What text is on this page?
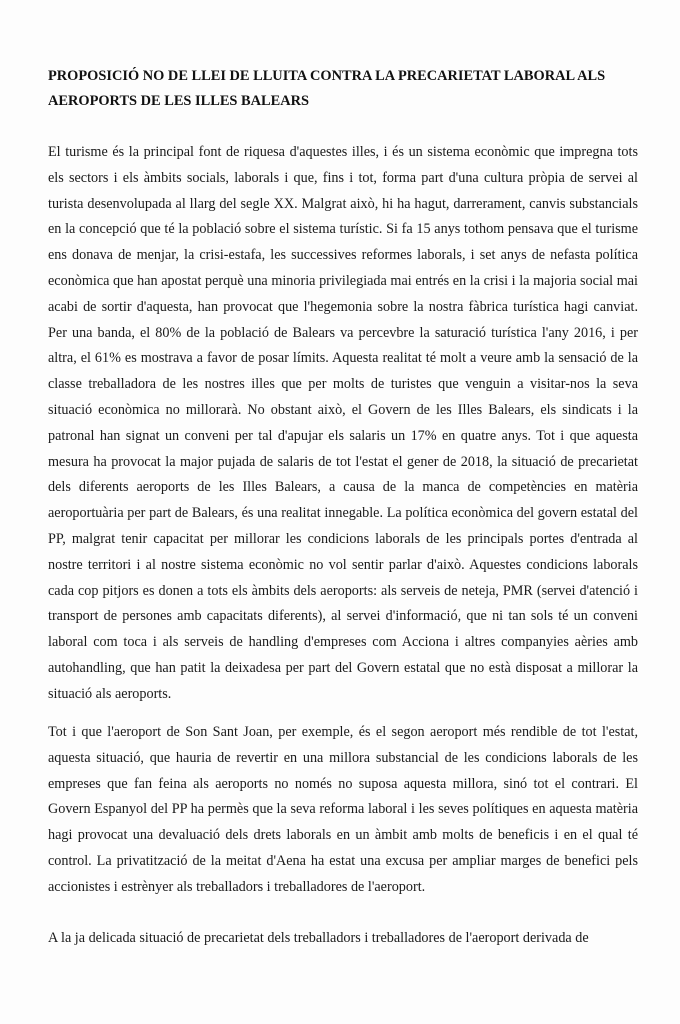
PROPOSICIÓ NO DE LLEI DE LLUITA CONTRA LA PRECARIETAT LABORAL ALS AEROPORTS DE LES ILLES BALEARS

El turisme és la principal font de riquesa d'aquestes illes, i és un sistema econòmic que impregna tots els sectors i els àmbits socials, laborals i que, fins i tot, forma part d'una cultura pròpia de servei al turista desenvolupada al llarg del segle XX. Malgrat això, hi ha hagut, darrerament, canvis substancials en la concepció que té la població sobre el sistema turístic. Si fa 15 anys tothom pensava que el turisme ens donava de menjar, la crisi-estafa, les successives reformes laborals, i set anys de nefasta política econòmica que han apostat perquè una minoria privilegiada mai entrés en la crisi i la majoria social mai acabi de sortir d'aquesta, han provocat que l'hegemonia sobre la nostra fàbrica turística hagi canviat. Per una banda, el 80% de la població de Balears va percevbre la saturació turística l'any 2016, i per altra, el 61% es mostrava a favor de posar límits. Aquesta realitat té molt a veure amb la sensació de la classe treballadora de les nostres illes que per molts de turistes que venguin a visitar-nos la seva situació econòmica no millorarà. No obstant això, el Govern de les Illes Balears, els sindicats i la patronal han signat un conveni per tal d'apujar els salaris un 17% en quatre anys. Tot i que aquesta mesura ha provocat la major pujada de salaris de tot l'estat el gener de 2018, la situació de precarietat dels diferents aeroports de les Illes Balears, a causa de la manca de competències en matèria aeroportuària per part de Balears, és una realitat innegable. La política econòmica del govern estatal del PP, malgrat tenir capacitat per millorar les condicions laborals de les principals portes d'entrada al nostre territori i al nostre sistema econòmic no vol sentir parlar d'això. Aquestes condicions laborals cada cop pitjors es donen a tots els àmbits dels aeroports: als serveis de neteja, PMR (servei d'atenció i transport de persones amb capacitats diferents), al servei d'informació, que ni tan sols té un conveni laboral com toca i als serveis de handling d'empreses com Acciona i altres companyies aèries amb autohandling, que han patit la deixadesa per part del Govern estatal que no està disposat a millorar la situació als aeroports.

Tot i que l'aeroport de Son Sant Joan, per exemple, és el segon aeroport més rendible de tot l'estat, aquesta situació, que hauria de revertir en una millora substancial de les condicions laborals de les empreses que fan feina als aeroports no només no suposa aquesta millora, sinó tot el contrari. El Govern Espanyol del PP ha permès que la seva reforma laboral i les seves polítiques en aquesta matèria hagi provocat una devaluació dels drets laborals en un àmbit amb molts de beneficis i en el qual té control. La privatització de la meitat d'Aena ha estat una excusa per ampliar marges de benefici pels accionistes i estrènyer als treballadors i treballadores de l'aeroport.

A la ja delicada situació de precarietat dels treballadors i treballadores de l'aeroport derivada de
